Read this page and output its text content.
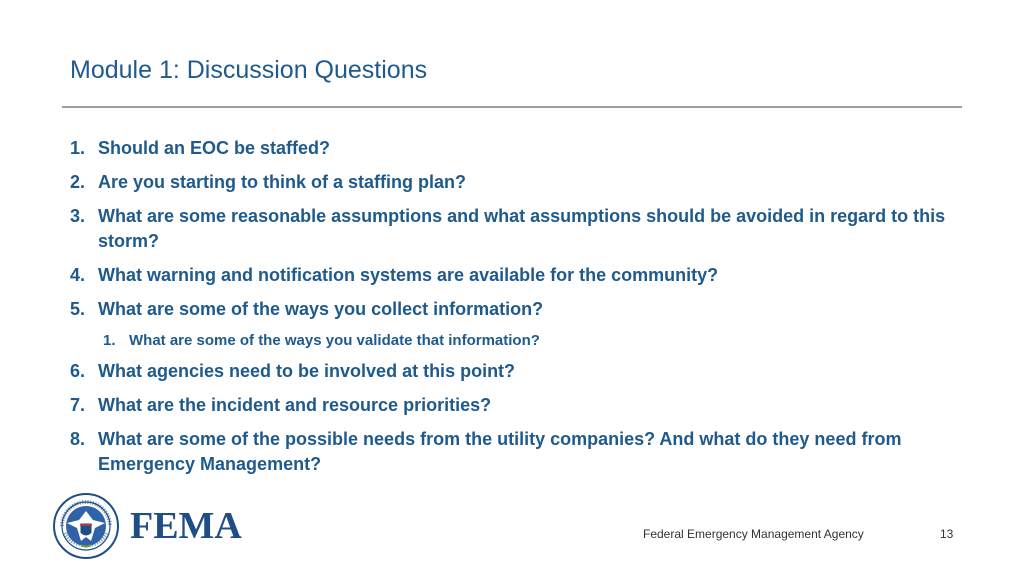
Module 1: Discussion Questions
1. Should an EOC be staffed?
2. Are you starting to think of a staffing plan?
3. What are some reasonable assumptions and what assumptions should be avoided in regard to this storm?
4. What warning and notification systems are available for the community?
5. What are some of the ways you collect information?
1. What are some of the ways you validate that information?
6. What agencies need to be involved at this point?
7. What are the incident and resource priorities?
8. What are some of the possible needs from the utility companies? And what do they need from Emergency Management?
FEMA	Federal Emergency Management Agency	13
